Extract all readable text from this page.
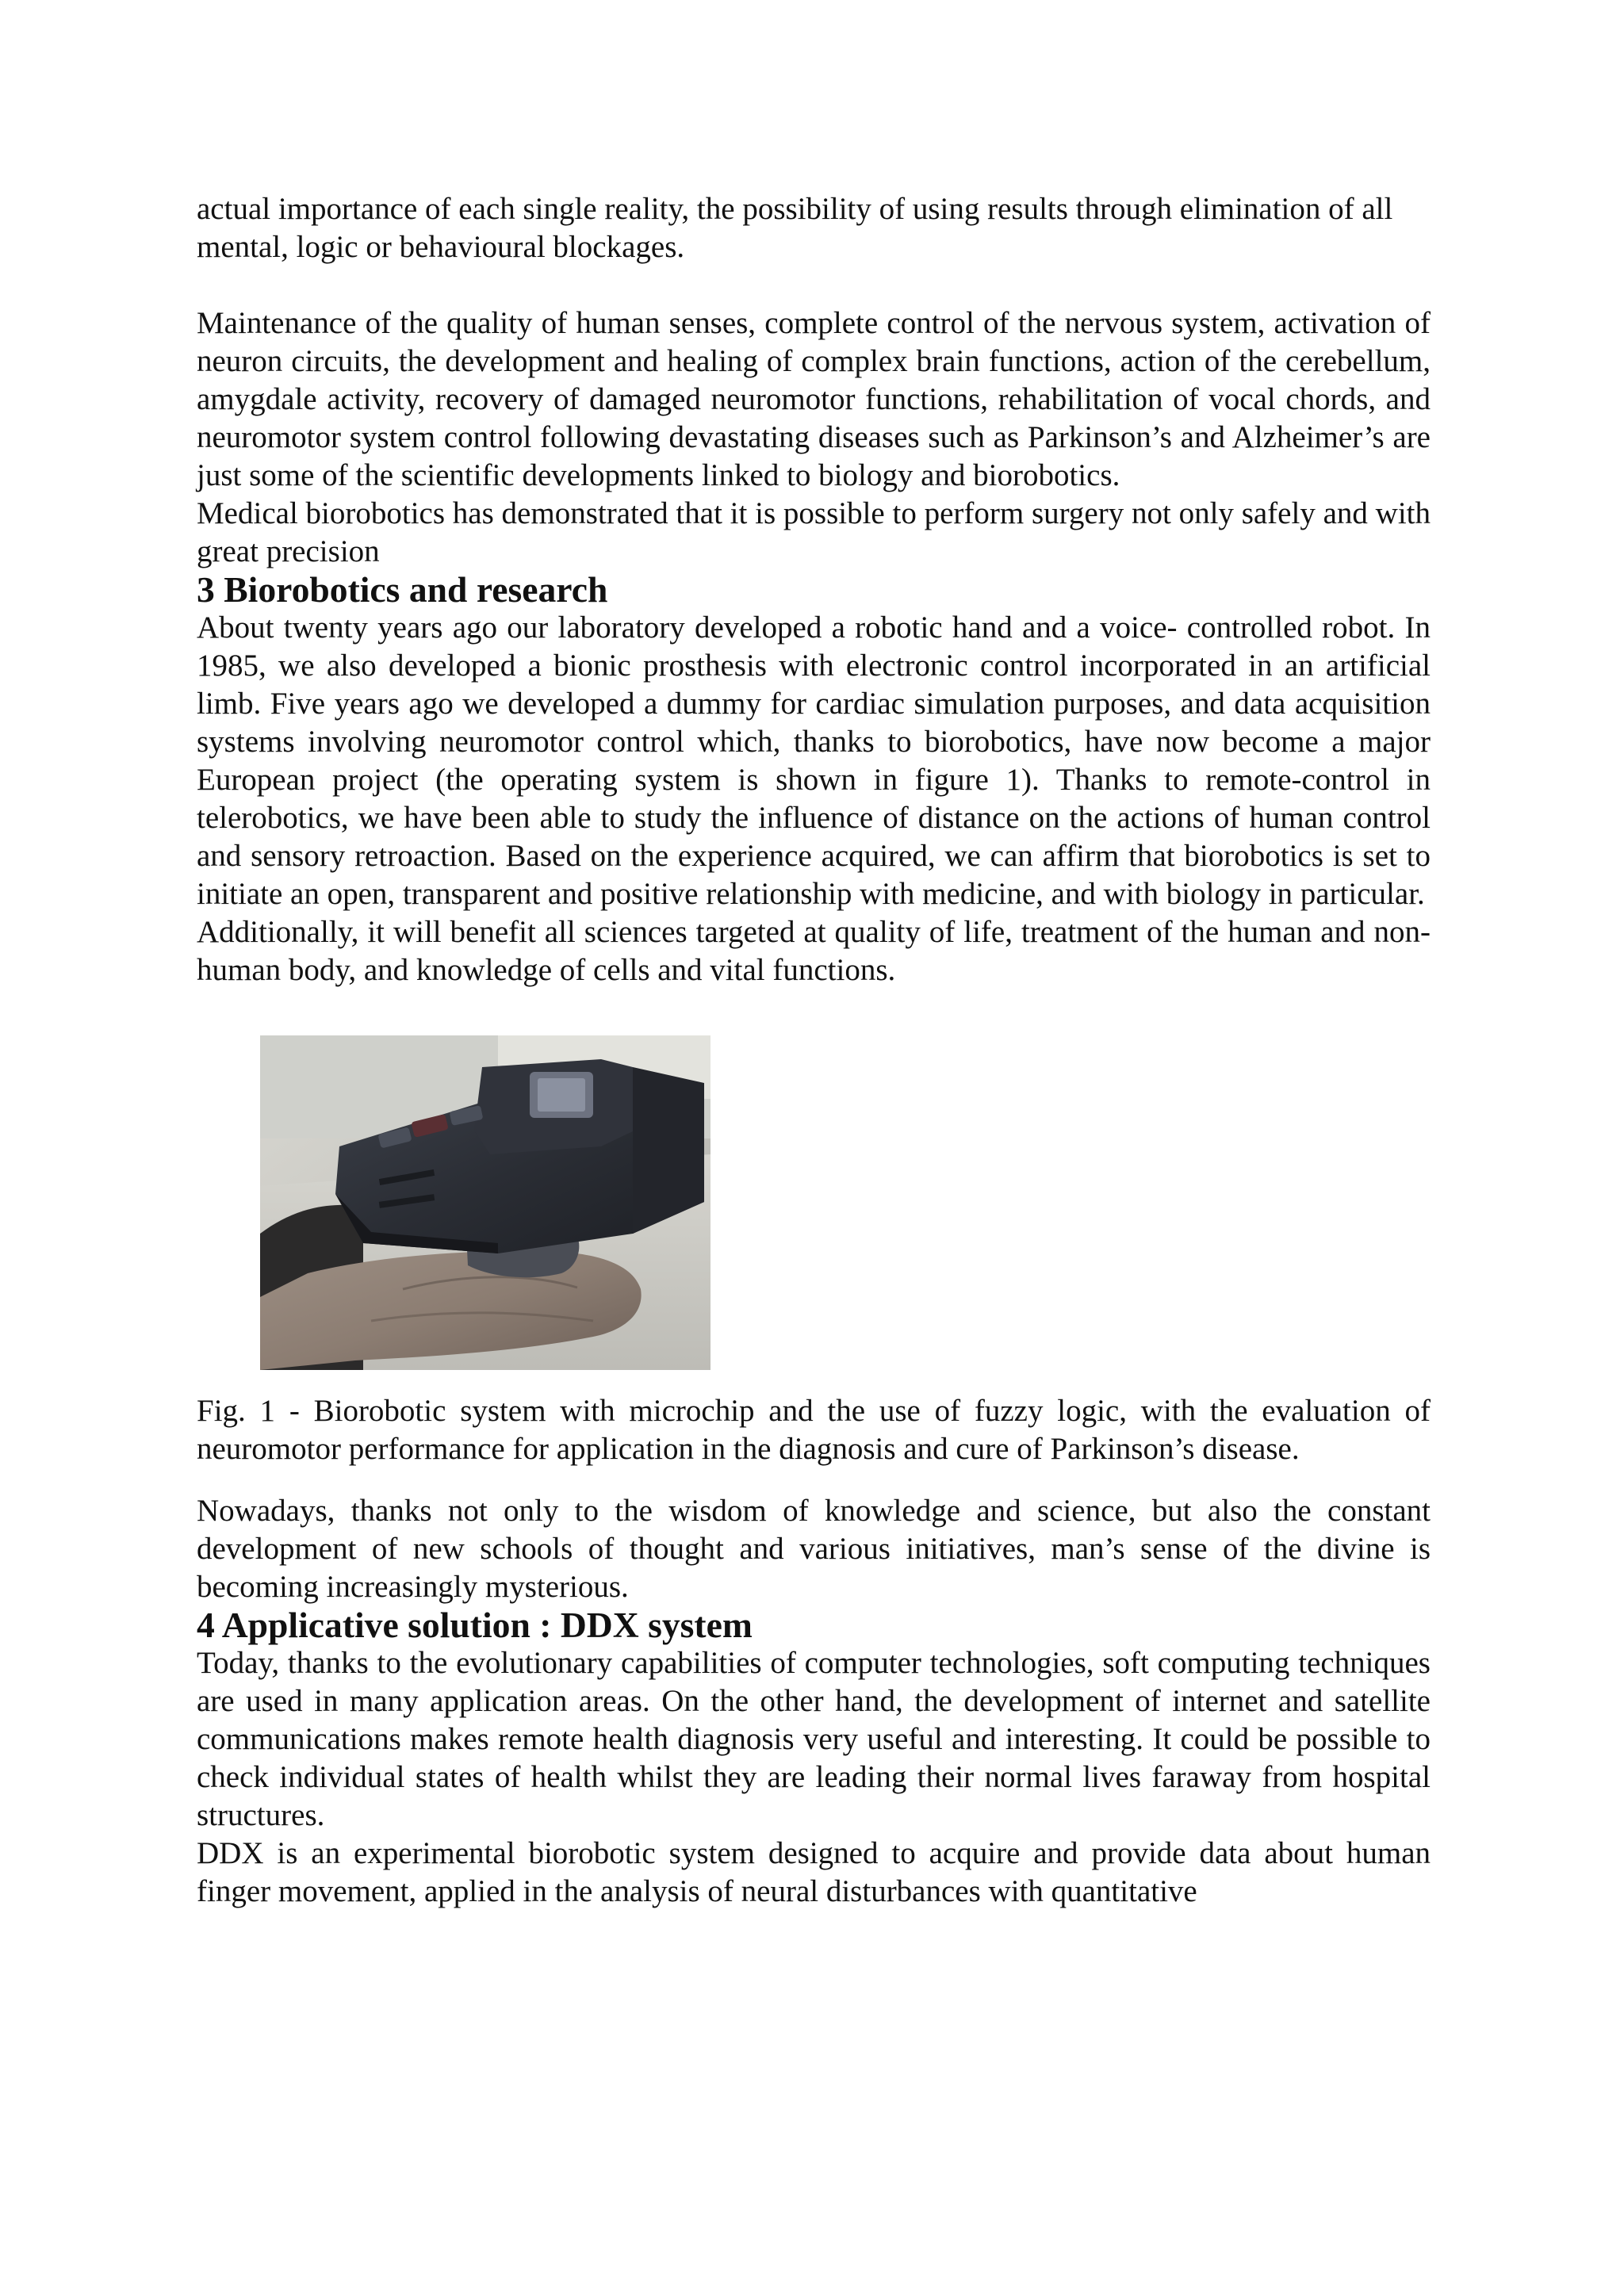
actual importance of each single reality, the possibility of using results through elimination of all mental, logic or behavioural blockages.

Maintenance of the quality of human senses, complete control of the nervous system, activation of neuron circuits, the development and healing of complex brain functions, action of the cerebellum, amygdale activity, recovery of damaged neuromotor functions, rehabilitation of vocal chords, and neuromotor system control following devastating diseases such as Parkinson’s and Alzheimer’s are just some of the scientific developments linked to biology and biorobotics.

Medical biorobotics has demonstrated that it is possible to perform surgery not only safely and with great precision

3 Biorobotics and research

About twenty years ago our laboratory developed a robotic hand and a voice- controlled robot. In 1985, we also developed a bionic prosthesis with electronic control incorporated in an artificial limb. Five years ago we developed a dummy for cardiac simulation purposes, and data acquisition systems involving neuromotor control which, thanks to biorobotics, have now become a major European project (the operating system is shown in figure 1). Thanks to remote-control in telerobotics, we have been able to study the influence of distance on the actions of human control and sensory retroaction. Based on the experience acquired, we can affirm that biorobotics is set to initiate an open, transparent and positive relationship with medicine, and with biology in particular.

Additionally, it will benefit all sciences targeted at quality of life, treatment of the human and non-human body, and knowledge of cells and vital functions.

Fig. 1 - Biorobotic system with microchip and the use of fuzzy logic, with the evaluation of neuromotor performance for application in the diagnosis and cure of Parkinson’s disease.

Nowadays, thanks not only to the wisdom of knowledge and science, but also the constant development of new schools of thought and various initiatives, man’s sense of the divine is becoming increasingly mysterious.

4 Applicative solution : DDX system

Today, thanks to the evolutionary capabilities of computer technologies, soft computing techniques are used in many application areas. On the other hand, the development of internet and satellite communications makes remote health diagnosis very useful and interesting. It could be possible to check individual states of health whilst they are leading their normal lives faraway from hospital structures.

DDX is an experimental biorobotic system designed to acquire and provide data about human finger movement, applied in the analysis of neural disturbances with quantitative
